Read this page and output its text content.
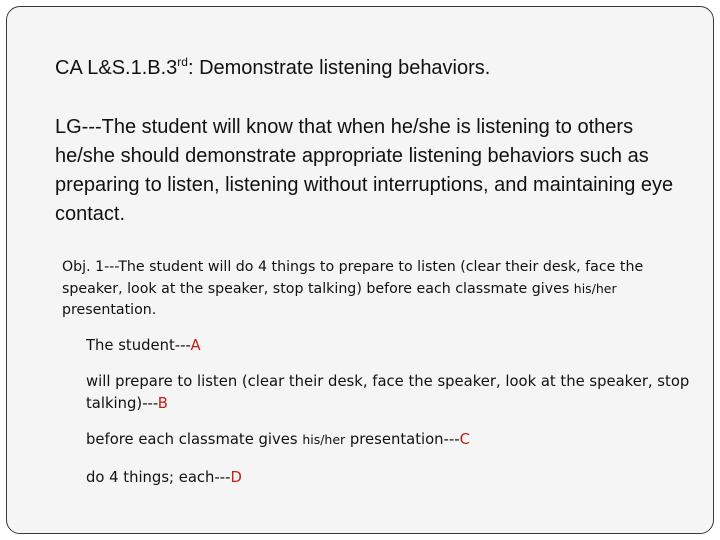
CA L&S.1.B.3rd: Demonstrate listening behaviors.

LG---The student will know that when he/she is listening to others he/she should demonstrate appropriate listening behaviors such as preparing to listen, listening without interruptions, and maintaining eye contact.

Obj. 1---The student will do 4 things to prepare to listen (clear their desk, face the speaker, look at the speaker, stop talking) before each classmate gives his/her presentation.

The student---A

will prepare to listen (clear their desk, face the speaker, look at the speaker, stop talking)---B

before each classmate gives his/her presentation---C

do 4 things; each---D
